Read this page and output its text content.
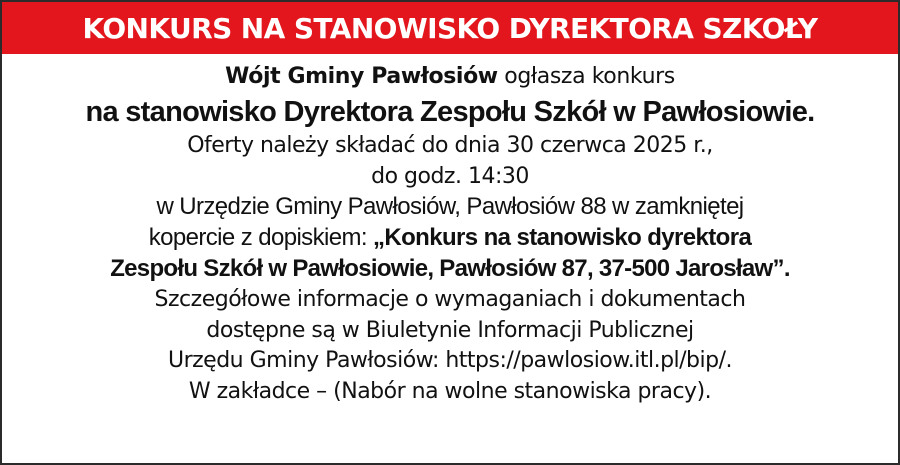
KONKURS NA STANOWISKO DYREKTORA SZKOŁY
Wójt Gminy Pawłosiów ogłasza konkurs
na stanowisko Dyrektora Zespołu Szkół w Pawłosiowie.
Oferty należy składać do dnia 30 czerwca 2025 r.,
do godz. 14:30
w Urzędzie Gminy Pawłosiów, Pawłosiów 88 w zamkniętej
kopercie z dopiskiem: „Konkurs na stanowisko dyrektora
Zespołu Szkół w Pawłosiowie, Pawłosiów 87, 37-500 Jarosław”.
Szczegółowe informacje o wymaganiach i dokumentach
dostępne są w Biuletynie Informacji Publicznej
Urzędu Gminy Pawłosiów: https://pawlosiow.itl.pl/bip/.
W zakładce – (Nabór na wolne stanowiska pracy).
